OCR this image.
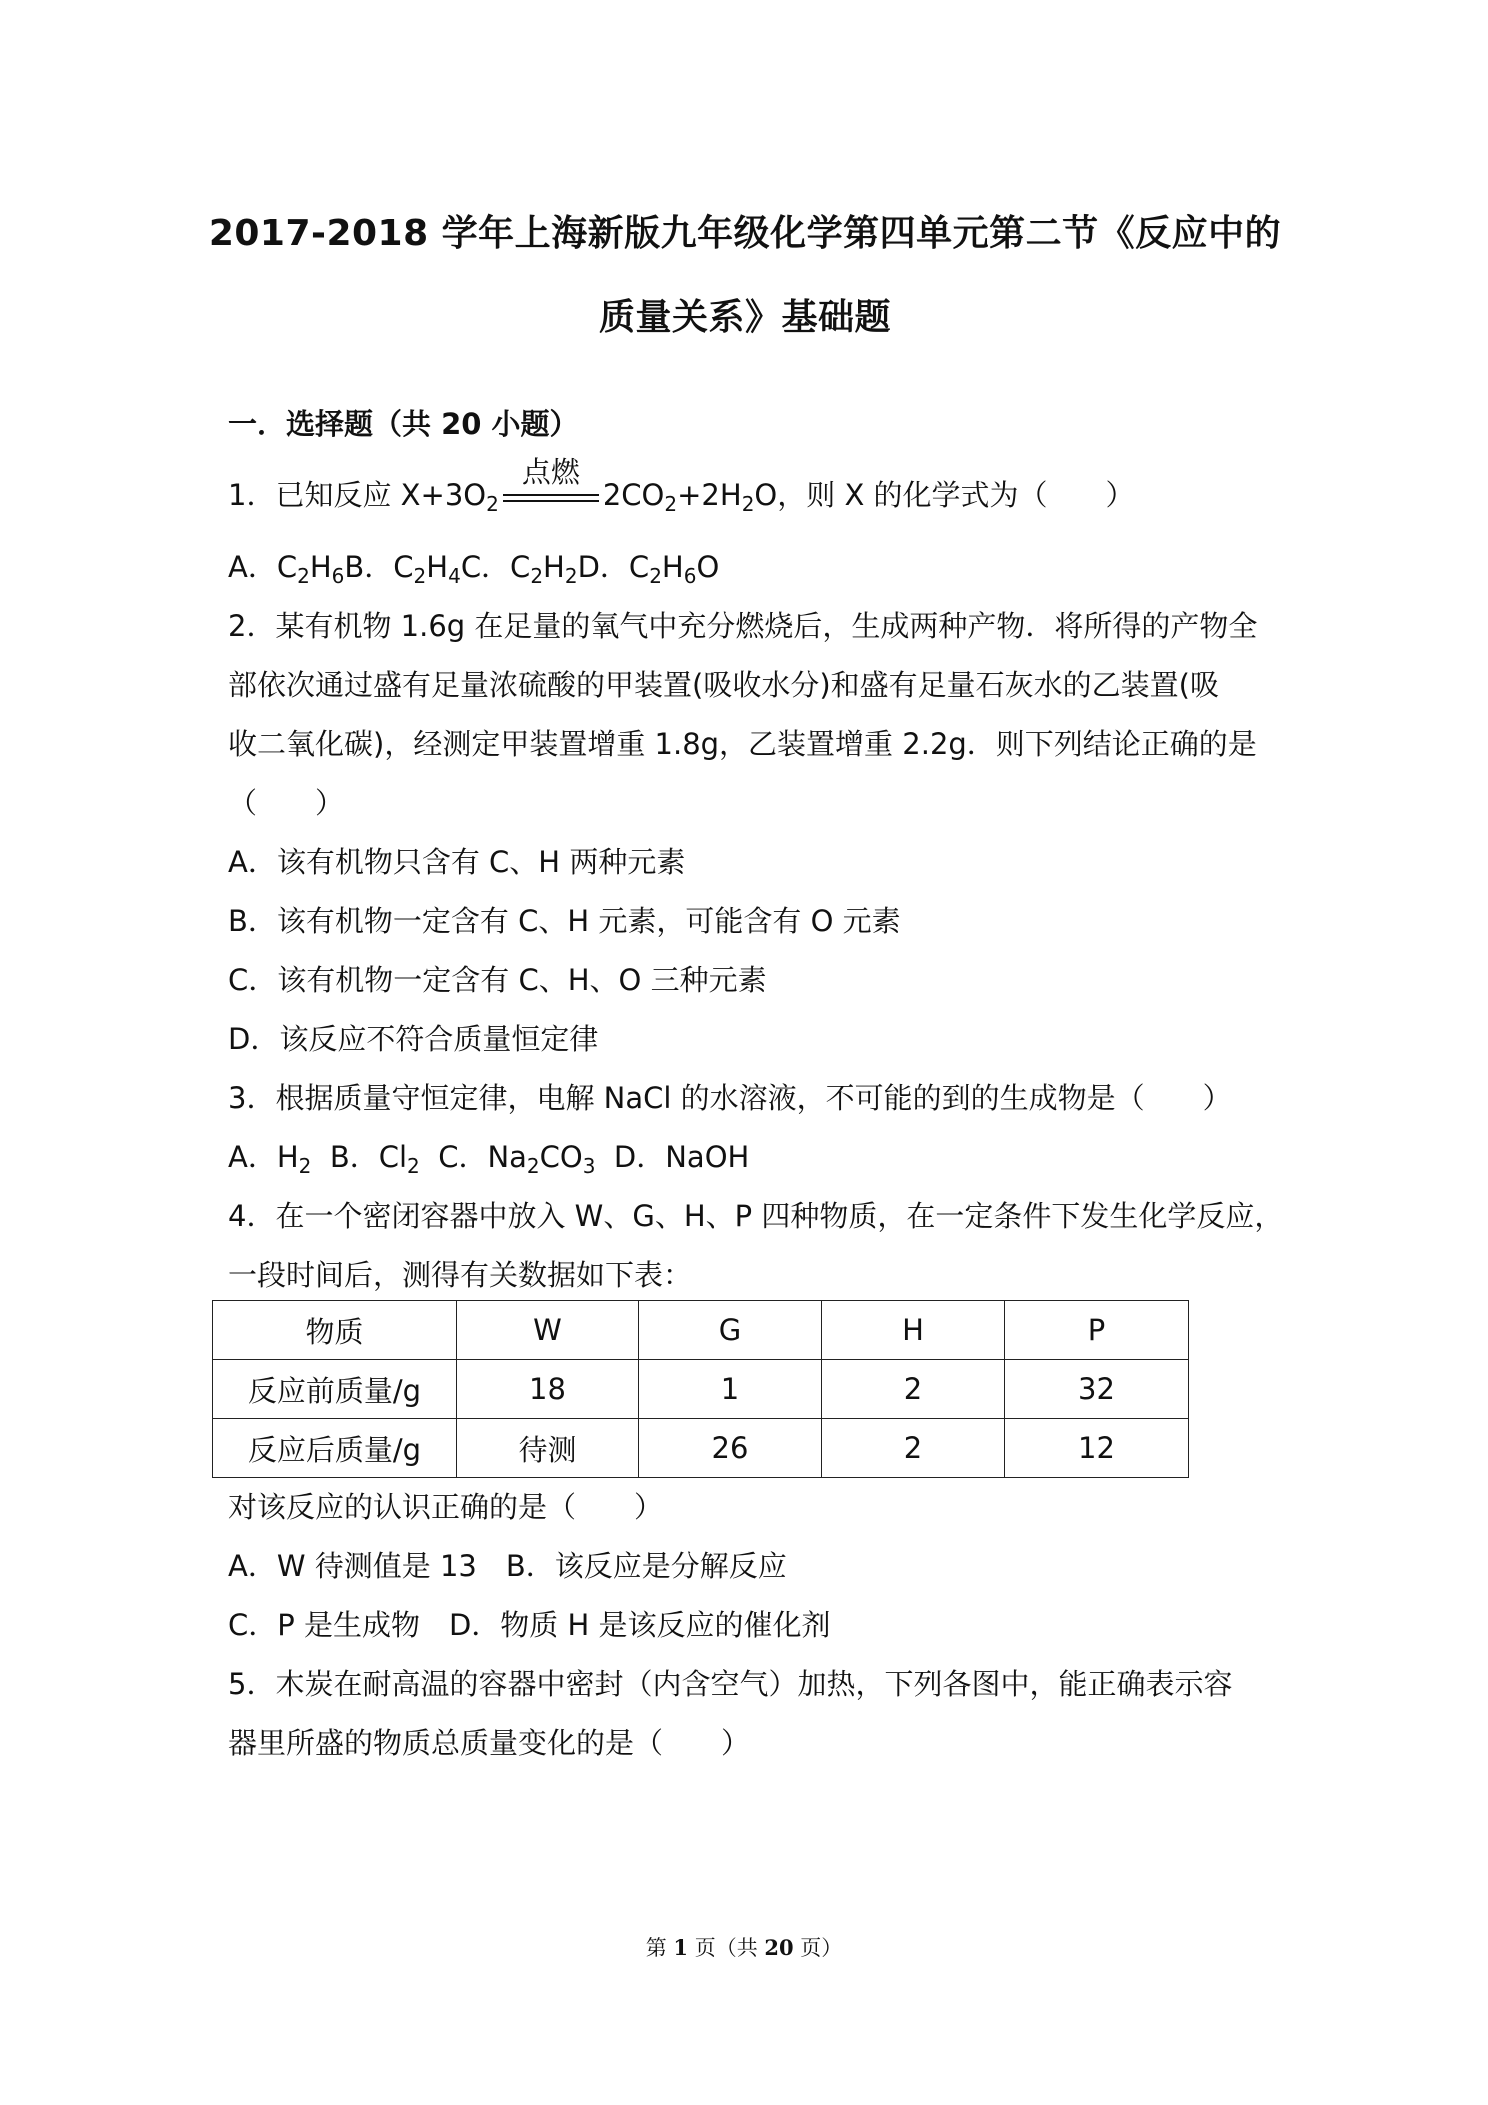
2017-2018 学年上海新版九年级化学第四单元第二节《反应中的
质量关系》基础题
一．选择题（共 20 小题）
1．已知反应 $X+3O_2$
点燃
$2CO_2+2H_2O$，则 X 的化学式为（　　）
A．$C_2H_6B$．$C_2H_4C$．$C_2H_2D$．$C_2H_6O$
2．某有机物 1.6g 在足量的氧气中充分燃烧后，生成两种产物．将所得的产物全
部依次通过盛有足量浓硫酸的甲装置(吸收水分)和盛有足量石灰水的乙装置(吸
收二氧化碳)，经测定甲装置增重 1.8g，乙装置增重 2.2g．则下列结论正确的是
（　　）
A．该有机物只含有 C、H 两种元素
B．该有机物一定含有 C、H 元素，可能含有 O 元素
C．该有机物一定含有 C、H、O 三种元素
D．该反应不符合质量恒定律
3．根据质量守恒定律，电解 NaCl 的水溶液，不可能的到的生成物是（　　）
A．$H_2$ B．$Cl_2$ C．$Na_2CO_3$ D．NaOH
4．在一个密闭容器中放入 W、G、H、P 四种物质，在一定条件下发生化学反应，
一段时间后，测得有关数据如下表：
物质	W	G	H	P
反应前质量/g	18	1	2	32
反应后质量/g	待测	26	2	12
对该反应的认识正确的是（　　）
A．W 待测值是 13　B．该反应是分解反应
C．P 是生成物　D．物质 H 是该反应的催化剂
5．木炭在耐高温的容器中密封（内含空气）加热，下列各图中，能正确表示容
器里所盛的物质总质量变化的是（　　）
第 1 页（共 20 页）
